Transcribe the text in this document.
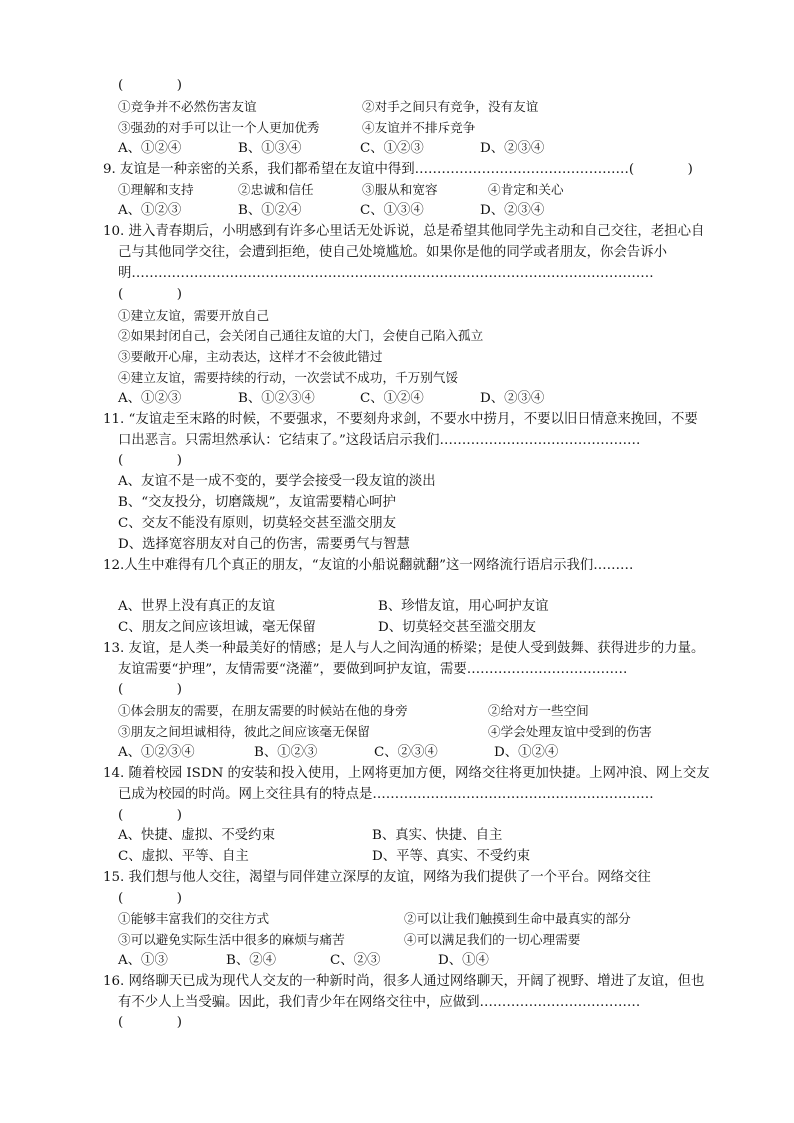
(　　　　)
①竞争并不必然伤害友谊	②对手之间只有竞争，没有友谊
③强劲的对手可以让一个人更加优秀	④友谊并不排斥竞争
A、①②④	B、①③④	C、①②③	D、②③④
9. 友谊是一种亲密的关系，我们都希望在友谊中得到…………………………………………(　　　　)
①理解和支持	②忠诚和信任	③服从和宽容	④肯定和关心
A、①②③	B、①②④	C、①③④	D、②③④
10. 进入青春期后，小明感到有许多心里话无处诉说，总是希望其他同学先主动和自己交往，老担心自
己与其他同学交往，会遭到拒绝，使自己处境尴尬。如果你是他的同学或者朋友，你会告诉小
明………………………………………………………………………………………………………
(　　　　)
①建立友谊，需要开放自己
②如果封闭自己，会关闭自己通往友谊的大门，会使自己陷入孤立
③要敞开心扉，主动表达，这样才不会彼此错过
④建立友谊，需要持续的行动，一次尝试不成功，千万别气馁
A、①②③	B、①②③④	C、①②④	D、②③④
11. “友谊走至末路的时候，不要强求，不要刻舟求剑，不要水中捞月，不要以旧日情意来挽回，不要
口出恶言。只需坦然承认：它结束了。”这段话启示我们………………………………………
(　　　　)
A、友谊不是一成不变的，要学会接受一段友谊的淡出
B、“交友投分，切磨箴规”，友谊需要精心呵护
C、交友不能没有原则，切莫轻交甚至滥交朋友
D、选择宽容朋友对自己的伤害，需要勇气与智慧
12.人生中难得有几个真正的朋友，“友谊的小船说翻就翻”这一网络流行语启示我们………
A、世界上没有真正的友谊	B、珍惜友谊，用心呵护友谊
C、朋友之间应该坦诚，毫无保留	D、切莫轻交甚至滥交朋友
13. 友谊，是人类一种最美好的情感；是人与人之间沟通的桥梁；是使人受到鼓舞、获得进步的力量。
友谊需要“护理”，友情需要“浇灌”，要做到呵护友谊，需要………………………………
(　　　　)
①体会朋友的需要，在朋友需要的时候站在他的身旁	②给对方一些空间
③朋友之间坦诚相待，彼此之间应该毫无保留	④学会处理友谊中受到的伤害
A、①②③④	B、①②③	C、②③④	D、①②④
14. 随着校园 ISDN 的安装和投入使用，上网将更加方便，网络交往将更加快捷。上网冲浪、网上交友
已成为校园的时尚。网上交往具有的特点是………………………………………………………
(　　　　)
A、快捷、虚拟、不受约束	B、真实、快捷、自主
C、虚拟、平等、自主	D、平等、真实、不受约束
15. 我们想与他人交往，渴望与同伴建立深厚的友谊，网络为我们提供了一个平台。网络交往
(　　　　)
①能够丰富我们的交往方式	②可以让我们触摸到生命中最真实的部分
③可以避免实际生活中很多的麻烦与痛苦	④可以满足我们的一切心理需要
A、①③	B、②④	C、②③	D、①④
16. 网络聊天已成为现代人交友的一种新时尚，很多人通过网络聊天，开阔了视野、增进了友谊，但也
有不少人上当受骗。因此，我们青少年在网络交往中，应做到………………………………
(　　　　)
